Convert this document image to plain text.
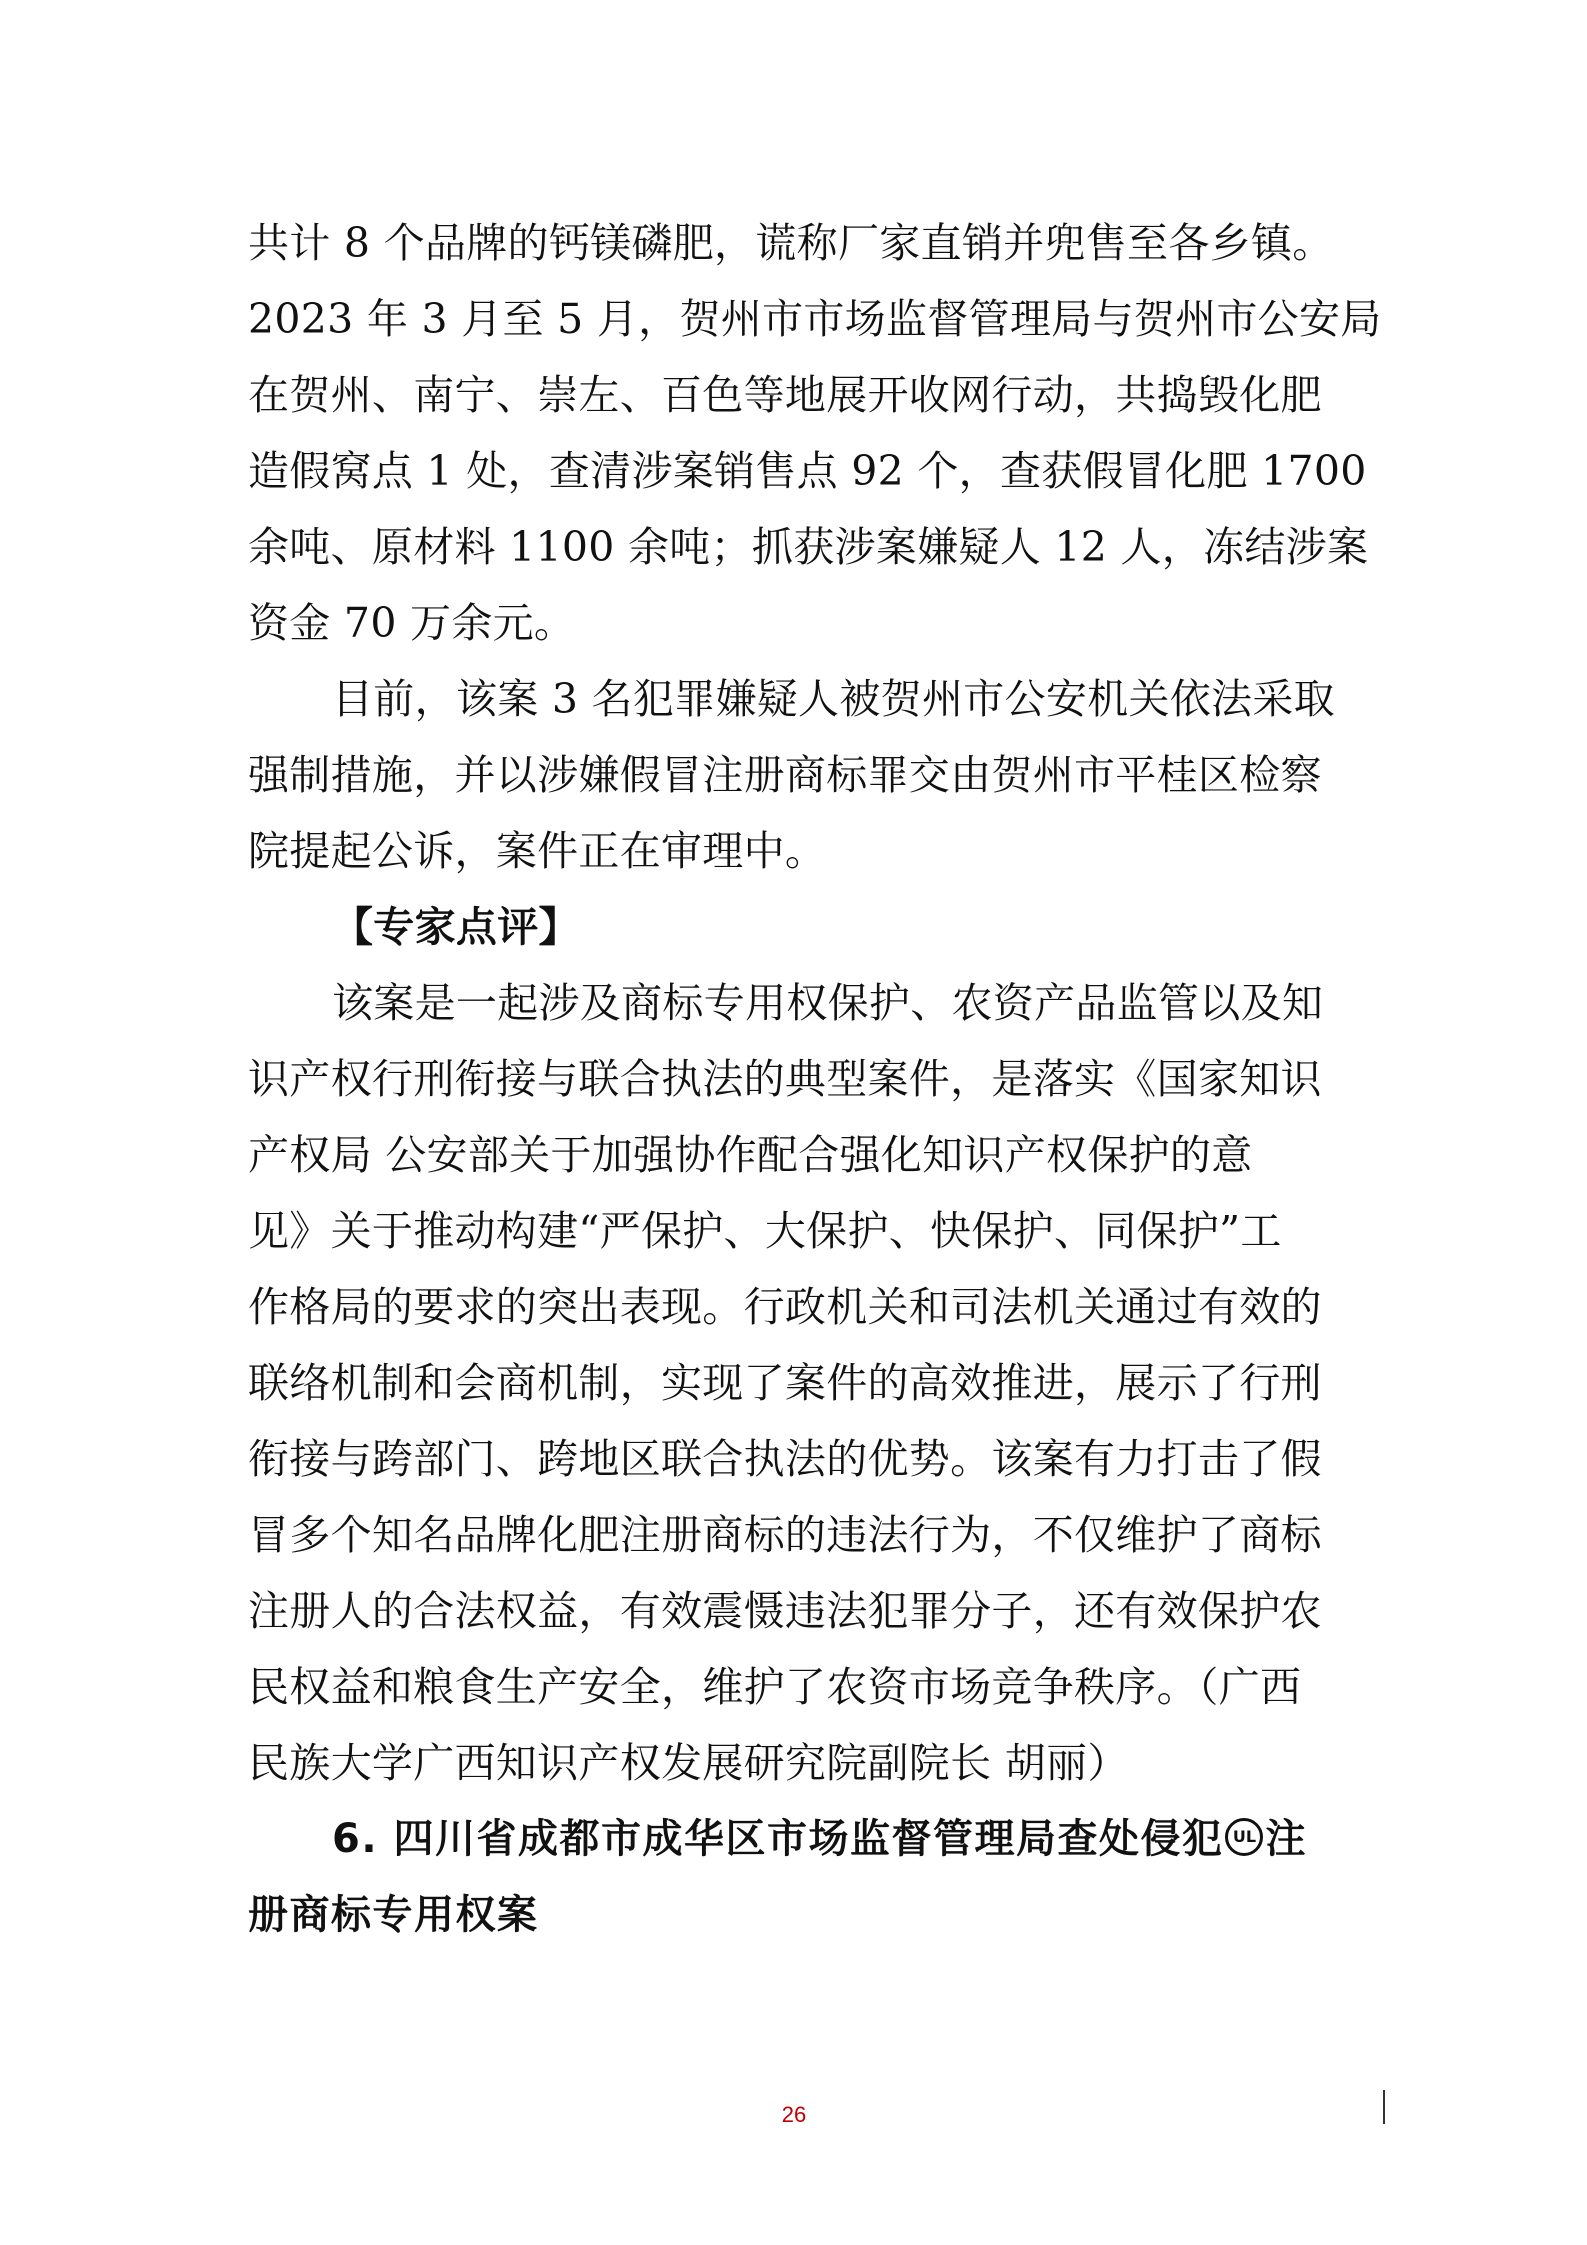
共计 8 个品牌的钙镁磷肥，谎称厂家直销并兜售至各乡镇。
2023 年 3 月至 5 月，贺州市市场监督管理局与贺州市公安局
在贺州、南宁、崇左、百色等地展开收网行动，共捣毁化肥
造假窝点 1 处，查清涉案销售点 92 个，查获假冒化肥 1700
余吨、原材料 1100 余吨；抓获涉案嫌疑人 12 人，冻结涉案
资金 70 万余元。
目前，该案 3 名犯罪嫌疑人被贺州市公安机关依法采取
强制措施，并以涉嫌假冒注册商标罪交由贺州市平桂区检察
院提起公诉，案件正在审理中。
【专家点评】
该案是一起涉及商标专用权保护、农资产品监管以及知
识产权行刑衔接与联合执法的典型案件，是落实《国家知识
产权局 公安部关于加强协作配合强化知识产权保护的意
见》关于推动构建“严保护、大保护、快保护、同保护”工
作格局的要求的突出表现。行政机关和司法机关通过有效的
联络机制和会商机制，实现了案件的高效推进，展示了行刑
衔接与跨部门、跨地区联合执法的优势。该案有力打击了假
冒多个知名品牌化肥注册商标的违法行为，不仅维护了商标
注册人的合法权益，有效震慑违法犯罪分子，还有效保护农
民权益和粮食生产安全，维护了农资市场竞争秩序。（广西
民族大学广西知识产权发展研究院副院长 胡丽）
6. 四川省成都市成华区市场监督管理局查处侵犯 UL 注
册商标专用权案
26
